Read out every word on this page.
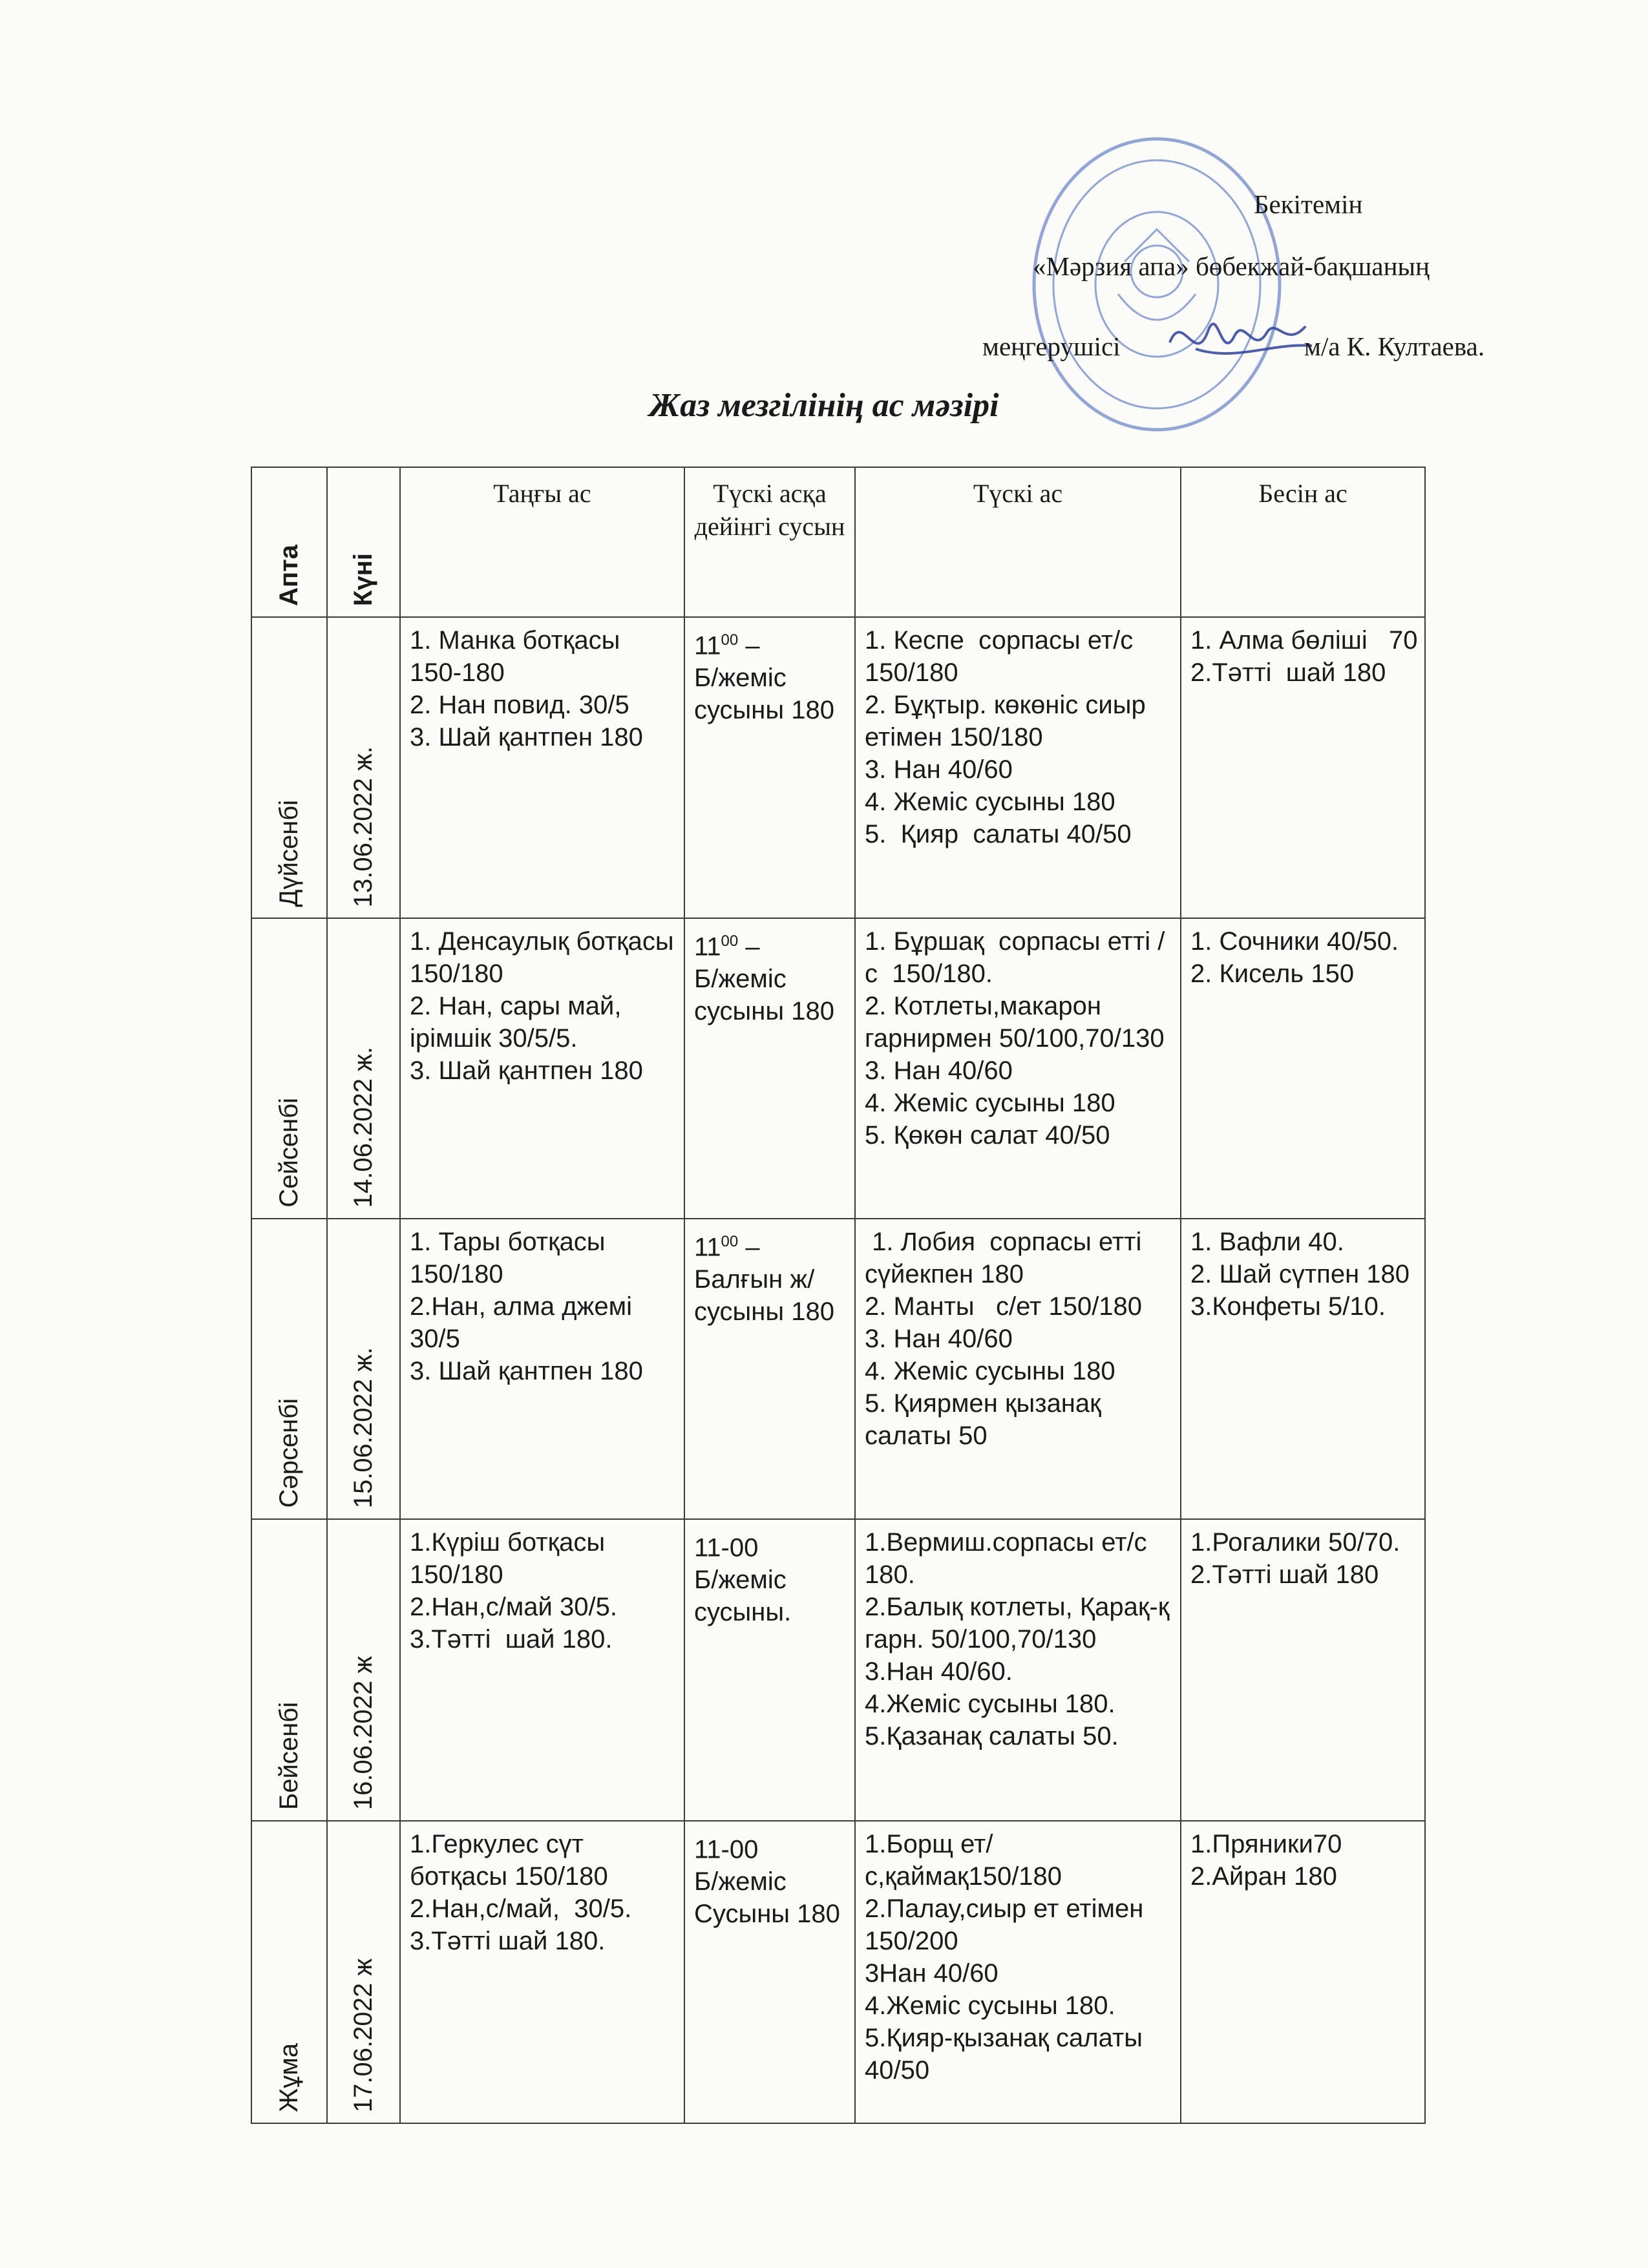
Бекітемін
«Мәрзия апа» бөбекжай-бақшаның
меңгерушісі	м/а К. Култаева.
Жаз мезгілінің ас мәзірі
Апта	Күні	Таңғы ас	Түскі асқа дейінгі сусын	Түскі ас	Бесін ас

Дүйсенбі	13.06.2022 ж.	1. Манка ботқасы 150-180
2. Нан повид. 30/5
3. Шай қантпен 180	$11^{00}$ –
Б/жеміс сусыны 180	1. Кеспе  сорпасы ет/с 150/180
2. Бұқтыр. көкөніс сиыр етімен 150/180
3. Нан 40/60
4. Жеміс сусыны 180
5.  Қияр  салаты 40/50	1. Алма бөліші   70
2.Тәтті  шай 180

Сейсенбі	14.06.2022 ж.	1. Денсаулық ботқасы 150/180
2. Нан, сары май, ірімшік 30/5/5.
3. Шай қантпен 180	$11^{00}$ –
Б/жеміс сусыны 180	1. Бұршақ  сорпасы етті /с  150/180.
2. Котлеты,макарон гарнирмен 50/100,70/130
3. Нан 40/60
4. Жеміс сусыны 180
5. Қөкөн салат 40/50	1. Сочники 40/50.
2. Кисель 150

Сәрсенбі	15.06.2022 ж.	1. Тары ботқасы 150/180
2.Нан, алма джемі 30/5
3. Шай қантпен 180	$11^{00}$ –
Балғын ж/сусыны 180	1. Лобия  сорпасы етті сүйекпен 180
2. Манты   с/ет 150/180
3. Нан 40/60
4. Жеміс сусыны 180
5. Қиярмен қызанақ салаты 50	1. Вафли 40.
2. Шай сүтпен 180
3.Конфеты 5/10.

Бейсенбі	16.06.2022 ж	1.Күріш ботқасы 150/180
2.Нан,с/май 30/5.
3.Тәтті  шай 180.	11-00
Б/жеміс сусыны.	1.Вермиш.сорпасы ет/с 180.
2.Балық котлеты, Қарақ-қ  гарн. 50/100,70/130
3.Нан 40/60.
4.Жеміс сусыны 180.
5.Қазанақ салаты 50.	1.Рогалики 50/70.
2.Тәтті шай 180

Жұма	17.06.2022 ж	1.Геркулес сүт ботқасы 150/180
2.Нан,с/май,  30/5.
3.Тәтті шай 180.	11-00
Б/жеміс Сусыны 180	1.Борщ ет/с,қаймақ150/180
2.Палау,сиыр ет етімен 150/200
3Нан 40/60
4.Жеміс сусыны 180.
5.Қияр-қызанақ салаты 40/50	1.Пряники70
2.Айран 180
